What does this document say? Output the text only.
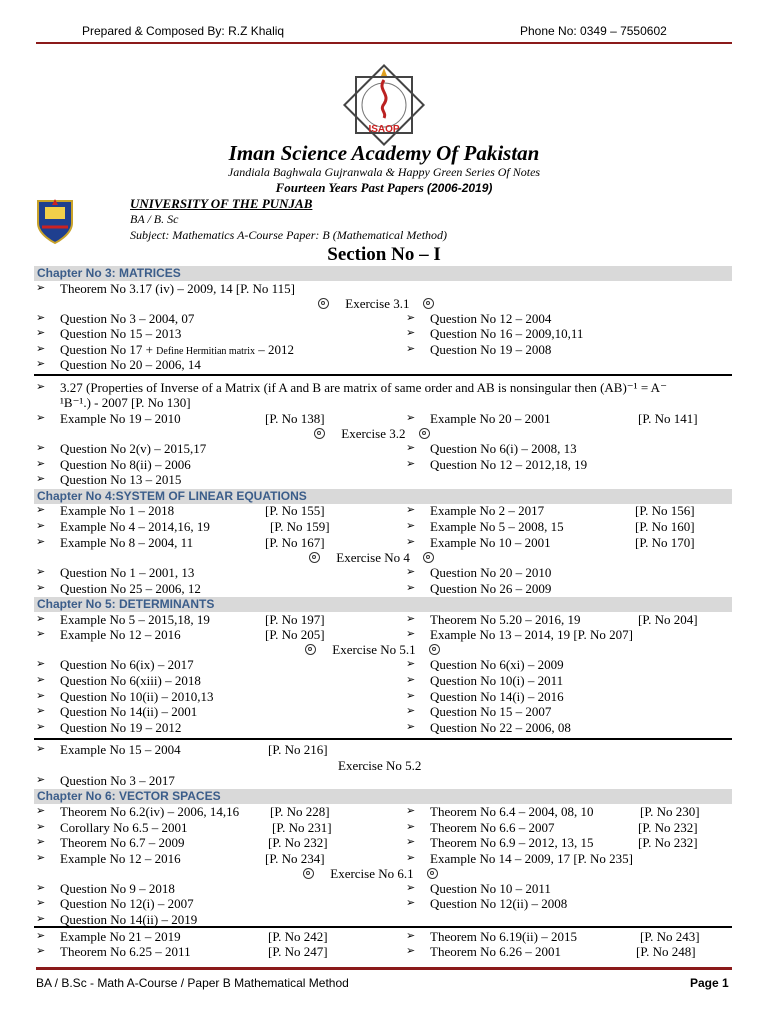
Prepared & Composed By: R.Z Khaliq	Phone No: 0349 – 7550602
ISAOP
Iman Science Academy Of Pakistan
Jandiala Baghwala Gujranwala & Happy Green Series Of Notes
Fourteen Years Past Papers (2006-2019)
UNIVERSITY OF THE PUNJAB
BA / B. Sc
Subject: Mathematics A-Course Paper: B (Mathematical Method)
Section No – I
Chapter No 3: MATRICES
Chapter No 4:SYSTEM OF LINEAR EQUATIONS
Chapter No 5: DETERMINANTS
Chapter No 6: VECTOR SPACES
Exercise 3.1
Exercise 3.2
Exercise No 4
Exercise No 5.1
Exercise No 5.2
Exercise No 6.1
➢ Theorem No 3.17 (iv) – 2009, 14 [P. No 115]
➢ Question No 3 – 2004, 07	➢ Question No 12 – 2004
➢ Question No 15 – 2013	➢ Question No 16 – 2009,10,11
➢ Question No 17 + Define Hermitian matrix – 2012	➢ Question No 19 – 2008
➢ Question No 20 – 2006, 14
➢ 3.27 (Properties of Inverse of a Matrix (if A and B are matrix of same order and AB is nonsingular then (AB)⁻¹ = A⁻
¹B⁻¹.) - 2007 [P. No 130]
➢ Example No 19 – 2010	[P. No 138]	➢ Example No 20 – 2001	[P. No 141]
➢ Question No 2(v) – 2015,17	➢ Question No 6(i) – 2008, 13
➢ Question No 8(ii) – 2006	➢ Question No 12 – 2012,18, 19
➢ Question No 13 – 2015
➢ Example No 1 – 2018	[P. No 155]	➢ Example No 2 – 2017	[P. No 156]
➢ Example No 4 – 2014,16, 19	[P. No 159]	➢ Example No 5 – 2008, 15	[P. No 160]
➢ Example No 8 – 2004, 11	[P. No 167]	➢ Example No 10 – 2001	[P. No 170]
➢ Question No 1 – 2001, 13	➢ Question No 20 – 2010
➢ Question No 25 – 2006, 12	➢ Question No 26 – 2009
➢ Example No 5 – 2015,18, 19	[P. No 197]	➢ Theorem No 5.20 – 2016, 19	[P. No 204]
➢ Example No 12 – 2016	[P. No 205]	➢ Example No 13 – 2014, 19 [P. No 207]
➢ Question No 6(ix) – 2017	➢ Question No 6(xi) – 2009
➢ Question No 6(xiii) – 2018	➢ Question No 10(i) – 2011
➢ Question No 10(ii) – 2010,13	➢ Question No 14(i) – 2016
➢ Question No 14(ii) – 2001	➢ Question No 15 – 2007
➢ Question No 19 – 2012	➢ Question No 22 – 2006, 08
➢ Example No 15 – 2004	[P. No 216]
➢ Question No 3 – 2017
➢ Theorem No 6.2(iv) – 2006, 14,16 [P. No 228]	➢ Theorem No 6.4 – 2004, 08, 10	[P. No 230]
➢ Corollary No 6.5 – 2001	[P. No 231]	➢ Theorem No 6.6 – 2007	[P. No 232]
➢ Theorem No 6.7 – 2009	[P. No 232]	➢ Theorem No 6.9 – 2012, 13, 15	[P. No 232]
➢ Example No 12 – 2016	[P. No 234]	➢ Example No 14 – 2009, 17 [P. No 235]
➢ Question No 9 – 2018	➢ Question No 10 – 2011
➢ Question No 12(i) – 2007	➢ Question No 12(ii) – 2008
➢ Question No 14(ii) – 2019
➢ Example No 21 – 2019	[P. No 242]	➢ Theorem No 6.19(ii) – 2015	[P. No 243]
➢ Theorem No 6.25 – 2011	[P. No 247]	➢ Theorem No 6.26 – 2001	[P. No 248]
BA / B.Sc - Math A-Course / Paper B Mathematical Method	Page 1
